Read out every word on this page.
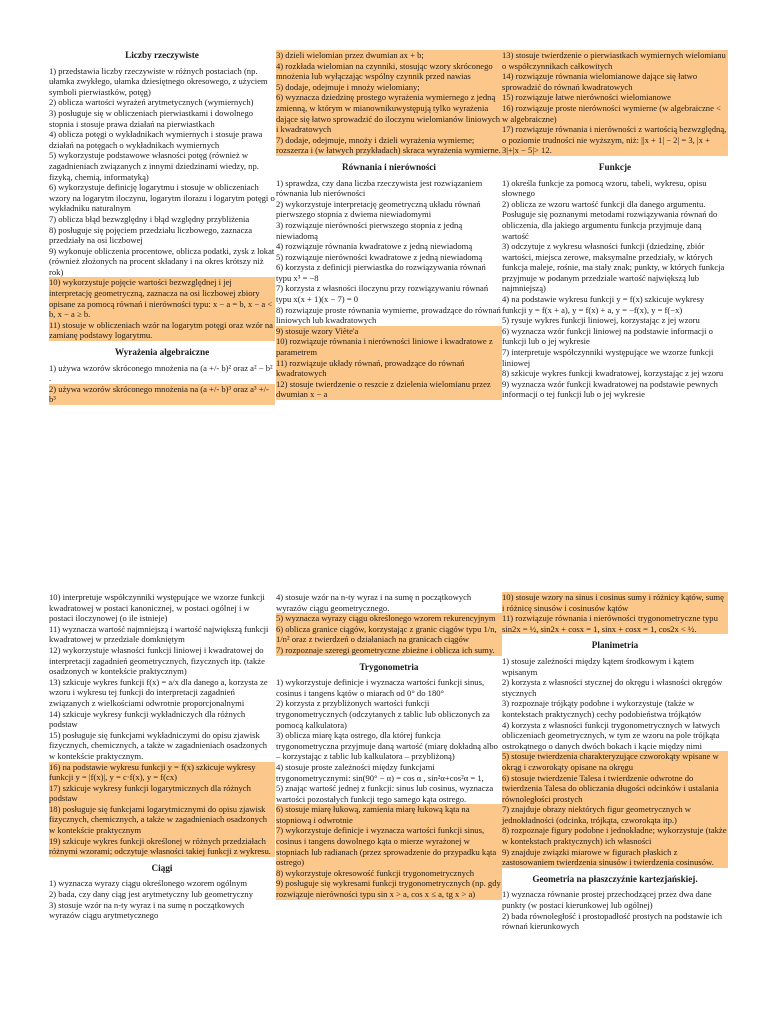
Liczby rzeczywiste

1) przedstawia liczby rzeczywiste w różnych postaciach (np. ułamka zwykłego, ułamka dziesiętnego okresowego, z użyciem symboli pierwiastków, potęg)

2) oblicza wartości wyrażeń arytmetycznych (wymiernych)

3) posługuje się w obliczeniach pierwiastkami i dowolnego stopnia i stosuje prawa działań na pierwiastkach

4) oblicza potęgi o wykładnikach wymiernych i stosuje prawa działań na potęgach o wykładnikach wymiernych

5) wykorzystuje podstawowe własności potęg (również w zagadnieniach związanych z innymi dziedzinami wiedzy, np. fizyką, chemią, informatyką)

6) wykorzystuje definicję logarytmu i stosuje w obliczeniach wzory na logarytm iloczynu, logarytm ilorazu i logarytm potęgi o wykładniku naturalnym

7) oblicza błąd bezwzględny i błąd względny przybliżenia

8) posługuje się pojęciem przedziału liczbowego, zaznacza przedziały na osi liczbowej

9) wykonuje obliczenia procentowe, oblicza podatki, zysk z lokat (również złożonych na procent składany i na okres krótszy niż rok)

10) wykorzystuje pojęcie wartości bezwzględnej i jej interpretację geometryczną, zaznacza na osi liczbowej zbiory opisane za pomocą równań i nierówności typu: x − a = b, x − a < b, x − a ≥ b.

11) stosuje w obliczeniach wzór na logarytm potęgi oraz wzór na zamianę podstawy logarytmu.

Wyrażenia algebraiczne

1) używa wzorów skróconego mnożenia na (a +/- b)² oraz a² − b² .

2) używa wzorów skróconego mnożenia na (a +/- b)³ oraz a³ +/- b³

3) dzieli wielomian przez dwumian ax + b;

4) rozkłada wielomian na czynniki, stosując wzory skróconego mnożenia lub wyłączając wspólny czynnik przed nawias

5) dodaje, odejmuje i mnoży wielomiany;

6) wyznacza dziedzinę prostego wyrażenia wymiernego z jedną zmienną, w którym w mianownikuwystępują tylko wyrażenia dające się łatwo sprowadzić do iloczynu wielomianów liniowych i kwadratowych

7) dodaje, odejmuje, mnoży i dzieli wyrażenia wymierne; rozszerza i (w łatwych przykładach) skraca wyrażenia wymierne.

Równania i nierówności

1) sprawdza, czy dana liczba rzeczywista jest rozwiązaniem równania lub nierówności

2) wykorzystuje interpretację geometryczną układu równań pierwszego stopnia z dwiema niewiadomymi

3) rozwiązuje nierówności pierwszego stopnia z jedną niewiadomą

4) rozwiązuje równania kwadratowe z jedną niewiadomą

5) rozwiązuje nierówności kwadratowe z jedną niewiadomą

6) korzysta z definicji pierwiastka do rozwiązywania równań typu x³ = −8

7) korzysta z własności iloczynu przy rozwiązywaniu równań typu x(x + 1)(x − 7) = 0

8) rozwiązuje proste równania wymierne, prowadzące do równań liniowych lub kwadratowych

9) stosuje wzory Viète'a

10) rozwiązuje równania i nierówności liniowe i kwadratowe z parametrem

11) rozwiązuje układy równań, prowadzące do równań kwadratowych

12) stosuje twierdzenie o reszcie z dzielenia wielomianu przez dwumian x − a

13) stosuje twierdzenie o pierwiastkach wymiernych wielomianu o współczynnikach całkowitych

14) rozwiązuje równania wielomianowe dające się łatwo sprowadzić do równań kwadratowych

15) rozwiązuje łatwe nierówności wielomianowe

16) rozwiązuje proste nierówności wymierne (w algebraiczne < w algebraiczne)

17) rozwiązuje równania i nierówności z wartością bezwzględną, o poziomie trudności nie wyższym, niż: ||x + 1| − 2| = 3, |x + 3|+|x − 5|> 12.

Funkcje

1) określa funkcje za pomocą wzoru, tabeli, wykresu, opisu słownego

2) oblicza ze wzoru wartość funkcji dla danego argumentu. Posługuje się poznanymi metodami rozwiązywania równań do obliczenia, dla jakiego argumentu funkcja przyjmuje daną wartość

3) odczytuje z wykresu własności funkcji (dziedzinę, zbiór wartości, miejsca zerowe, maksymalne przedziały, w których funkcja maleje, rośnie, ma stały znak; punkty, w których funkcja przyjmuje w podanym przedziale wartość największą lub najmniejszą)

4) na podstawie wykresu funkcji y = f(x) szkicuje wykresy funkcji y = f(x + a), y = f(x) + a, y = −f(x), y = f(−x)

5) rysuje wykres funkcji liniowej, korzystając z jej wzoru

6) wyznacza wzór funkcji liniowej na podstawie informacji o funkcji lub o jej wykresie

7) interpretuje współczynniki występujące we wzorze funkcji liniowej

8) szkicuje wykres funkcji kwadratowej, korzystając z jej wzoru

9) wyznacza wzór funkcji kwadratowej na podstawie pewnych informacji o tej funkcji lub o jej wykresie

10) interpretuje współczynniki występujące we wzorze funkcji kwadratowej w postaci kanonicznej, w postaci ogólnej i w postaci iloczynowej (o ile istnieje)

11) wyznacza wartość najmniejszą i wartość największą funkcji kwadratowej w przedziale domkniętym

12) wykorzystuje własności funkcji liniowej i kwadratowej do interpretacji zagadnień geometrycznych, fizycznych itp. (także osadzonych w kontekście praktycznym)

13) szkicuje wykres funkcji f(x) = a/x dla danego a, korzysta ze wzoru i wykresu tej funkcji do interpretacji zagadnień związanych z wielkościami odwrotnie proporcjonalnymi

14) szkicuje wykresy funkcji wykładniczych dla różnych podstaw

15) posługuje się funkcjami wykładniczymi do opisu zjawisk fizycznych, chemicznych, a także w zagadnieniach osadzonych w kontekście praktycznym.

16) na podstawie wykresu funkcji y = f(x) szkicuje wykresy funkcji y = |f(x)|, y = c·f(x), y = f(cx)

17) szkicuje wykresy funkcji logarytmicznych dla różnych podstaw

18) posługuje się funkcjami logarytmicznymi do opisu zjawisk fizycznych, chemicznych, a także w zagadnieniach osadzonych w kontekście praktycznym

19) szkicuje wykres funkcji określonej w różnych przedziałach różnymi wzorami; odczytuje własności takiej funkcji z wykresu.

Ciągi

1) wyznacza wyrazy ciągu określonego wzorem ogólnym

2) bada, czy dany ciąg jest arytmetyczny lub geometryczny

3) stosuje wzór na n-ty wyraz i na sumę n początkowych wyrazów ciągu arytmetycznego

4) stosuje wzór na n-ty wyraz i na sumę n początkowych wyrazów ciągu geometrycznego.

5) wyznacza wyrazy ciągu określonego wzorem rekurencyjnym

6) oblicza granice ciągów, korzystając z granic ciągów typu 1/n, 1/n² oraz z twierdzeń o działaniach na granicach ciągów

7) rozpoznaje szeregi geometryczne zbieżne i oblicza ich sumy.

Trygonometria

1) wykorzystuje definicje i wyznacza wartości funkcji sinus, cosinus i tangens kątów o miarach od 0° do 180°

2) korzysta z przybliżonych wartości funkcji trygonometrycznych (odczytanych z tablic lub obliczonych za pomocą kalkulatora)

3) oblicza miarę kąta ostrego, dla której funkcja trygonometryczna przyjmuje daną wartość (miarę dokładną albo – korzystając z tablic lub kalkulatora – przybliżoną)

4) stosuje proste zależności między funkcjami trygonometrycznymi: sin(90° − α) = cos α , sin²α+cos²α = 1,

5) znając wartość jednej z funkcji: sinus lub cosinus, wyznacza wartości pozostałych funkcji tego samego kąta ostrego.

6) stosuje miarę łukową, zamienia miarę łukową kąta na stopniową i odwrotnie

7) wykorzystuje definicje i wyznacza wartości funkcji sinus, cosinus i tangens dowolnego kąta o mierze wyrażonej w stopniach lub radianach (przez sprowadzenie do przypadku kąta ostrego)

8) wykorzystuje okresowość funkcji trygonometrycznych

9) posługuje się wykresami funkcji trygonometrycznych (np. gdy rozwiązuje nierówności typu sin x > a, cos x ≤ a, tg x > a)

10) stosuje wzory na sinus i cosinus sumy i różnicy kątów, sumę i różnicę sinusów i cosinusów kątów

11) rozwiązuje równania i nierówności trygonometryczne typu sin2x = ½, sin2x + cosx = 1, sinx + cosx = 1, cos2x < ½.

Planimetria

1) stosuje zależności między kątem środkowym i kątem wpisanym

2) korzysta z własności stycznej do okręgu i własności okręgów stycznych

3) rozpoznaje trójkąty podobne i wykorzystuje (także w kontekstach praktycznych) cechy podobieństwa trójkątów

4) korzysta z własności funkcji trygonometrycznych w łatwych obliczeniach geometrycznych, w tym ze wzoru na pole trójkąta ostrokątnego o danych dwóch bokach i kącie między nimi

5) stosuje twierdzenia charakteryzujące czworokąty wpisane w okrąg i czworokąty opisane na okręgu

6) stosuje twierdzenie Talesa i twierdzenie odwrotne do twierdzenia Talesa do obliczania długości odcinków i ustalania równoległości prostych

7) znajduje obrazy niektórych figur geometrycznych w jednokładności (odcinka, trójkąta, czworokąta itp.)

8) rozpoznaje figury podobne i jednokładne; wykorzystuje (także w kontekstach praktycznych) ich własności

9) znajduje związki miarowe w figurach płaskich z zastosowaniem twierdzenia sinusów i twierdzenia cosinusów.

Geometria na płaszczyźnie kartezjańskiej.

1) wyznacza równanie prostej przechodzącej przez dwa dane punkty (w postaci kierunkowej lub ogólnej)

2) bada równoległość i prostopadłość prostych na podstawie ich równań kierunkowych
